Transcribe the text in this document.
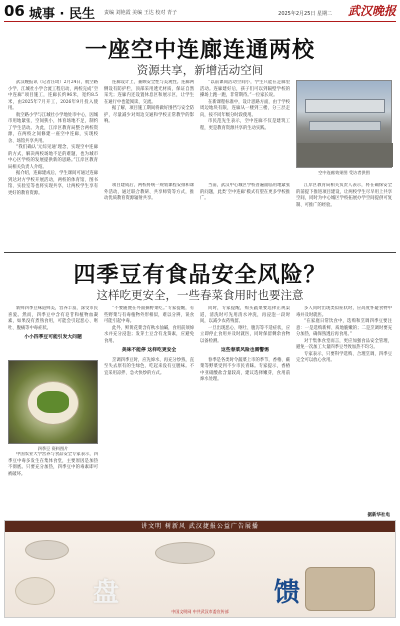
06 城事 · 民生 责编 刘艳霞 美编 王达 校对 青子	2025年2月25日 星期二 武汉晚报
一座空中连廊连通两校
资源共享，新增活动空间

武汉晚报讯（记者汪琦）2月24日，航空路小学、江城社小学合流工程启动，两校完成“空中连廊”项目施工，连廊长约96米，宽约8.5米，由2025年7月开工，2026年9月投入使用。

航空路小学与江城社小学地处市中心，因城市用地紧张，空间狭小，体育场地不足，制约了学生活动。为此，江岸区教育局整合两校资源，在两校之间修建一座空中连廊，实现校舍、场馆共享共用。

“我们确认‘元综见通’理念，实现空中连廊的方式，解决两校场地不足的难题，也为城市中心区学校的发展提供新的思路。”江岸区教育局相关负责人介绍。

据介绍，连廊建成后，学生课间可通过连廊到达对方学校开展活动，两校的体育馆、图书馆、实验室等也将实现共享，让两校学生享有更好的教育资源。

连廊设计上，兼顾安全性与美观性。连廊两侧设有防护栏，顶部采用透光材质，保证自然采光；连廊内还设置休息区和展示区，让学生在通行中也能阅读、交流。

据了解，项目施工期间将做好围挡与安全防护，尽量减少对周边交通和学校正常教学的影响。

“以前课间活动空间小，学生只能在走廊里活动。连廊建好后，孩子们可以到隔壁学校的操场上跑一跑，非常期待。”一位家长说。

在新课程标准中，设计思路方面，由于学校周边地块有限，连廊从一楼到三楼，分三层走向，按不同年级分时段使用。

市民范先生表示，空中连廊不仅是建筑工程，更是教育资源共享的生动实践。

空中连廊效果图 受访者供图

项目建成后，两校将统一规划课程安排和课外活动，通过联合教研、共享师资等方式，推动优质教育资源辐射共享。

当前，武汉中心城区学校普遍面临用地紧张的问题，此类‘空中连廊’模式有望在更多学校推广。

江岸区教育局相关负责人表示，将在确保安全的前提下推进项目建设，让两校学生尽早用上共享空间，同时为中心城区学校拓展办学空间提供可复制、可推广的经验。

四季豆有食品安全风险？
这样吃更安全，一些春菜食用时也要注意

新鲜四季豆味道鲜美，营养丰富，深受市民喜爱。然而，四季豆中含有皂苷和植物血凝素，如果没有煮熟食用，可能会引起恶心、呕吐、腹痛等中毒症状。

小小四季豆可能引发大问题

四季豆 资料图片

中国农业大学营养与食品安全专家表示，四季豆中毒多发生在集体食堂，主要原因是加热不彻底。只要充分加热，四季豆中的毒素即可被破坏。

“不要随便在外面摘野菜吃。”专家提醒，有些野菜与有毒植物外形相似，难以分辨，误食可能引起中毒。

此外，鲜黄花菜含有秋水仙碱，食用前须焯水并充分浸泡；发芽土豆含有龙葵素，应避免食用。

美味不能停 这样吃更安全

烹调四季豆时，应先焯水，再充分炒熟，直至失去原有的生绿色、吃起来没有豆腥味。不宜采用凉拌、急火快炒的方式。

同时，专家提醒，购买蔬菜要选择正规渠道，清洗时可先用清水冲洗，再浸泡一段时间，以减少农药残留。

一旦出现恶心、呕吐、腹泻等不适症状，应立即停止食用并及时就医，同时保留剩余食物以备检测。

这些春菜风险也需警惕

春季是各类时令蔬菜上市的季节，香椿、蕨菜等野菜受到不少市民青睐。专家提示，香椿中亚硝酸盐含量较高，建议选择嫩芽，食用前焯水处理。

多人同时出现类似症状时，应高度怀疑食物中毒并及时就医。

“在家庭日常饮食中，选购和烹调四季豆要注意：一是选购新鲜、质地脆嫩的；二是烹调时要充分加热，确保熟透后再食用。”

对于集体食堂而言，更应加强食品安全管理，避免一次加工大量四季豆导致加热不均匀。

专家表示，只要科学选购、合理烹调，四季豆完全可以放心食用。

据新华社电
讲文明 树新风 武汉捷报公益广告展播
盘	馈
中国文明网 中共武汉市委宣传部
